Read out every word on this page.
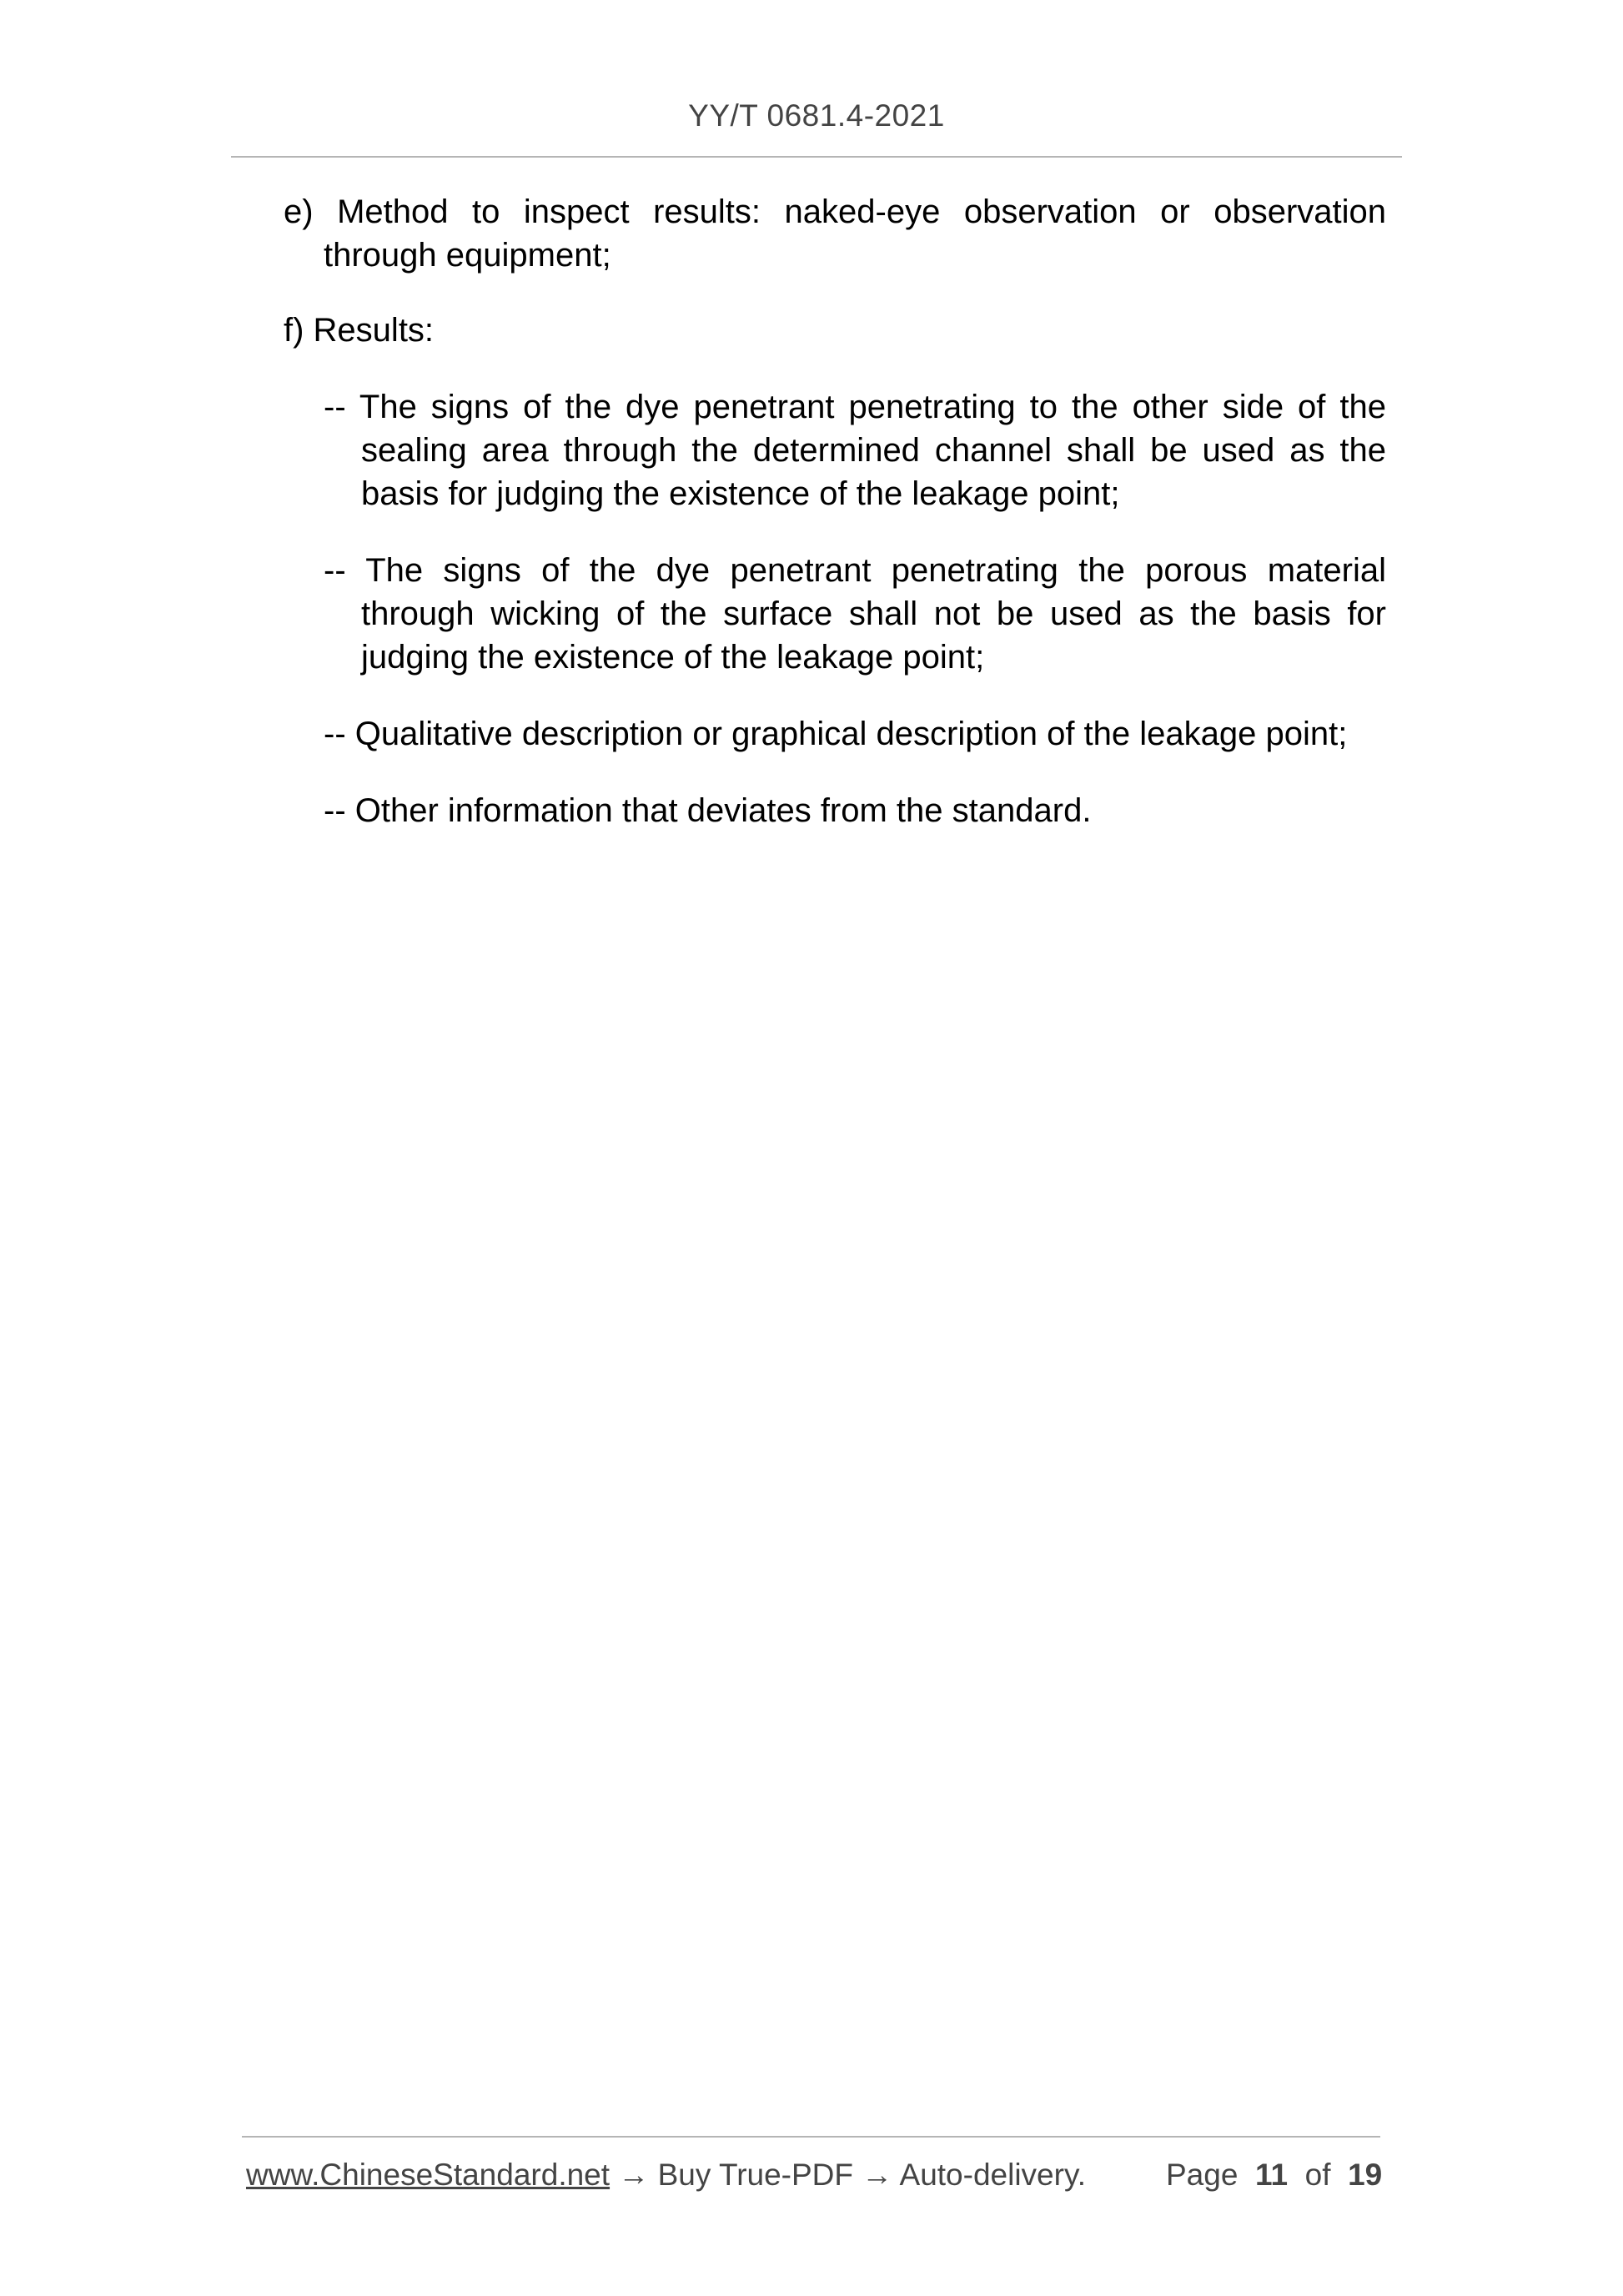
YY/T 0681.4-2021

e) Method to inspect results: naked-eye observation or observation through equipment;

f) Results:

-- The signs of the dye penetrant penetrating to the other side of the sealing area through the determined channel shall be used as the basis for judging the existence of the leakage point;

-- The signs of the dye penetrant penetrating the porous material through wicking of the surface shall not be used as the basis for judging the existence of the leakage point;

-- Qualitative description or graphical description of the leakage point;

-- Other information that deviates from the standard.

www.ChineseStandard.net → Buy True-PDF → Auto-delivery.	Page 11 of 19
